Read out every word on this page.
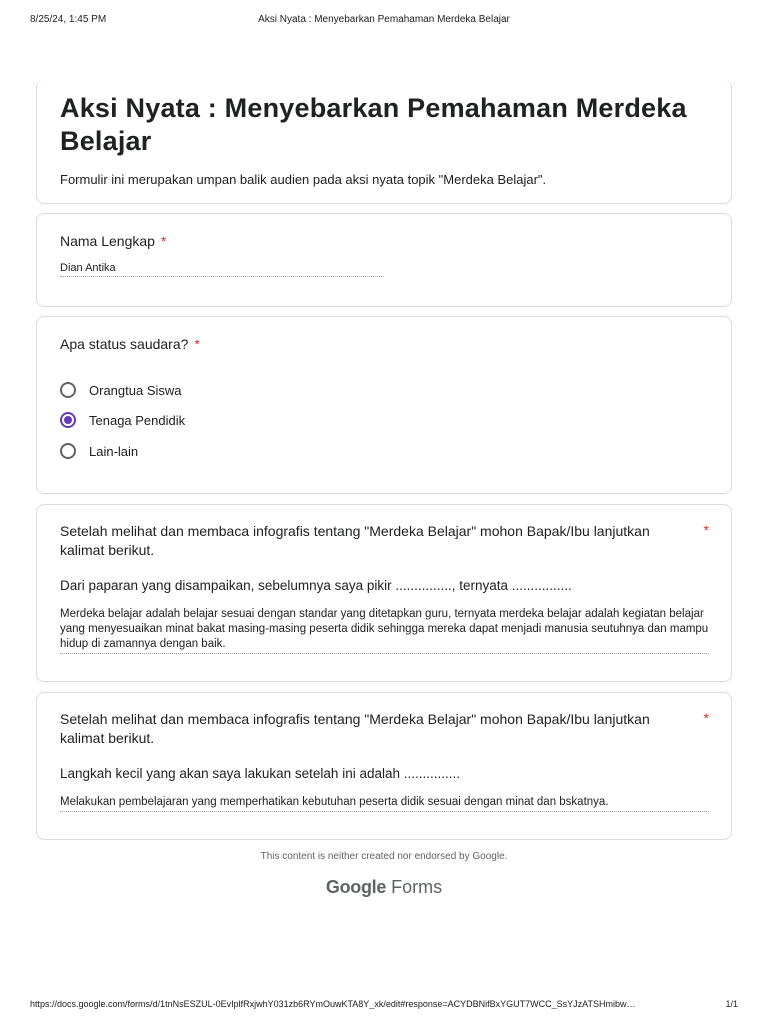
8/25/24, 1:45 PM	Aksi Nyata : Menyebarkan Pemahaman Merdeka Belajar
Aksi Nyata : Menyebarkan Pemahaman Merdeka Belajar
Formulir ini merupakan umpan balik audien pada aksi nyata topik "Merdeka Belajar".
Nama Lengkap *
Dian Antika
Apa status saudara? *
Orangtua Siswa
Tenaga Pendidik
Lain-lain
Setelah melihat dan membaca infografis tentang "Merdeka Belajar" mohon Bapak/Ibu lanjutkan kalimat berikut.
*
Dari paparan yang disampaikan, sebelumnya saya pikir ..............., ternyata ................
Merdeka belajar adalah belajar sesuai dengan standar yang ditetapkan guru, ternyata merdeka belajar adalah kegiatan belajar yang menyesuaikan minat bakat masing-masing peserta didik sehingga mereka dapat menjadi manusia seutuhnya dan mampu hidup di zamannya dengan baik.
Setelah melihat dan membaca infografis tentang "Merdeka Belajar" mohon Bapak/Ibu lanjutkan kalimat berikut.
*
Langkah kecil yang akan saya lakukan setelah ini adalah ...............
Melakukan pembelajaran yang memperhatikan kebutuhan peserta didik sesuai dengan minat dan bskatnya.
This content is neither created nor endorsed by Google.
Google Forms
https://docs.google.com/forms/d/1tnNsESZUL-0EvIplfRxjwhY031zb6RYmOuwKTA8Y_xk/edit#response=ACYDBNifBxYGUT7WCC_SsYJzATSHmibw…	1/1
